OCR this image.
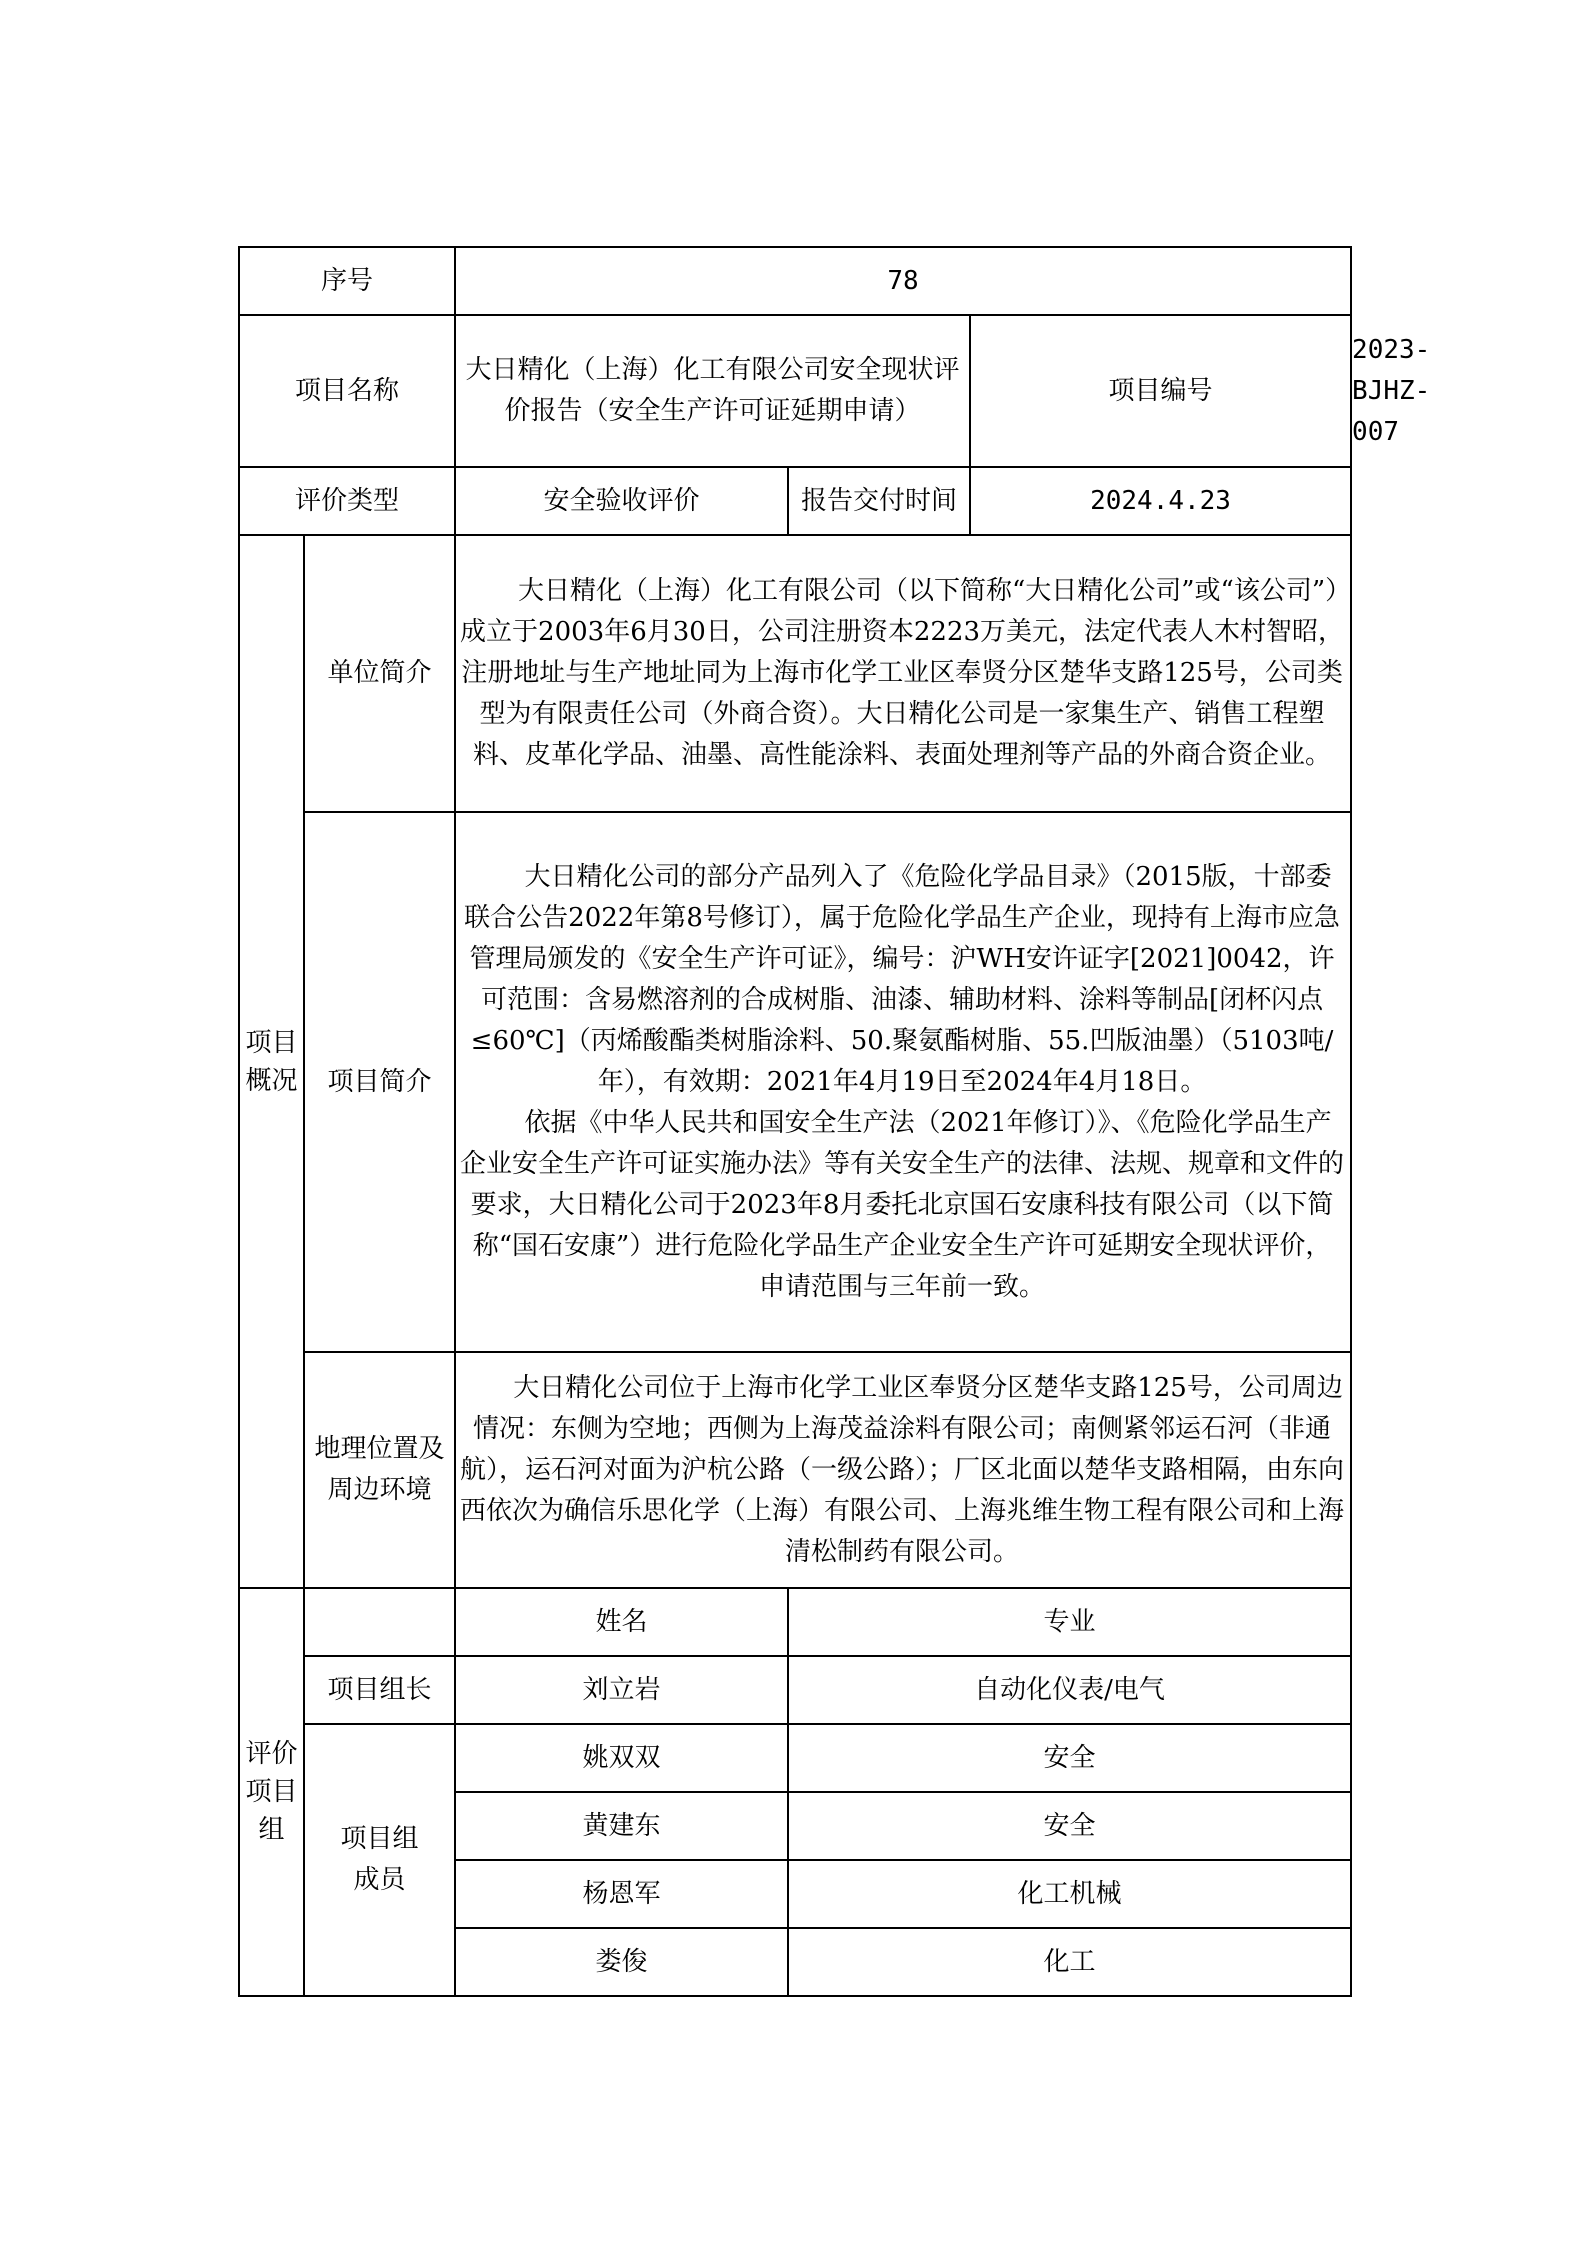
序号		78			
项目名称		大日精化（上海）化工有限公司安全现状评价报告（安全生产许可证延期申请）		项目编号	2023-BJHZ-007
评价类型		安全验收评价	报告交付时间	2024.4.23	
项目概况	单位简介	大日精化（上海）化工有限公司（以下简称“大日精化公司”或“该公司”）成立于2003年6月30日，公司注册资本2223万美元，法定代表人木村智昭，注册地址与生产地址同为上海市化学工业区奉贤分区楚华支路125号，公司类型为有限责任公司（外商合资）。大日精化公司是一家集生产、销售工程塑料、皮革化学品、油墨、高性能涂料、表面处理剂等产品的外商合资企业。			

	项目简介	大日精化公司的部分产品列入了《危险化学品目录》（2015版，十部委联合公告2022年第8号修订），属于危险化学品生产企业，现持有上海市应急管理局颁发的《安全生产许可证》，编号：沪WH安许证字[2021]0042，许可范围：含易燃溶剂的合成树脂、油漆、辅助材料、涂料等制品[闭杯闪点≤60℃]（丙烯酸酯类树脂涂料、50.聚氨酯树脂、55.凹版油墨）（5103吨/年），有效期：2021年4月19日至2024年4月18日。

依据《中华人民共和国安全生产法（2021年修订）》、《危险化学品生产企业安全生产许可证实施办法》等有关安全生产的法律、法规、规章和文件的要求，大日精化公司于2023年8月委托北京国石安康科技有限公司（以下简称“国石安康”）进行危险化学品生产企业安全生产许可延期安全现状评价，申请范围与三年前一致。			

	地理位置及周边环境	大日精化公司位于上海市化学工业区奉贤分区楚华支路125号，公司周边情况：东侧为空地；西侧为上海茂益涂料有限公司；南侧紧邻运石河（非通航），运石河对面为沪杭公路（一级公路）；厂区北面以楚华支路相隔，由东向西依次为确信乐思化学（上海）有限公司、上海兆维生物工程有限公司和上海清松制药有限公司。			

评价项目组		姓名	专业		
	项目组长	刘立岩	自动化仪表/电气		
	项目组成员	姚双双	安全		
		黄建东	安全		
		杨恩军	化工机械		
		娄俊	化工		
